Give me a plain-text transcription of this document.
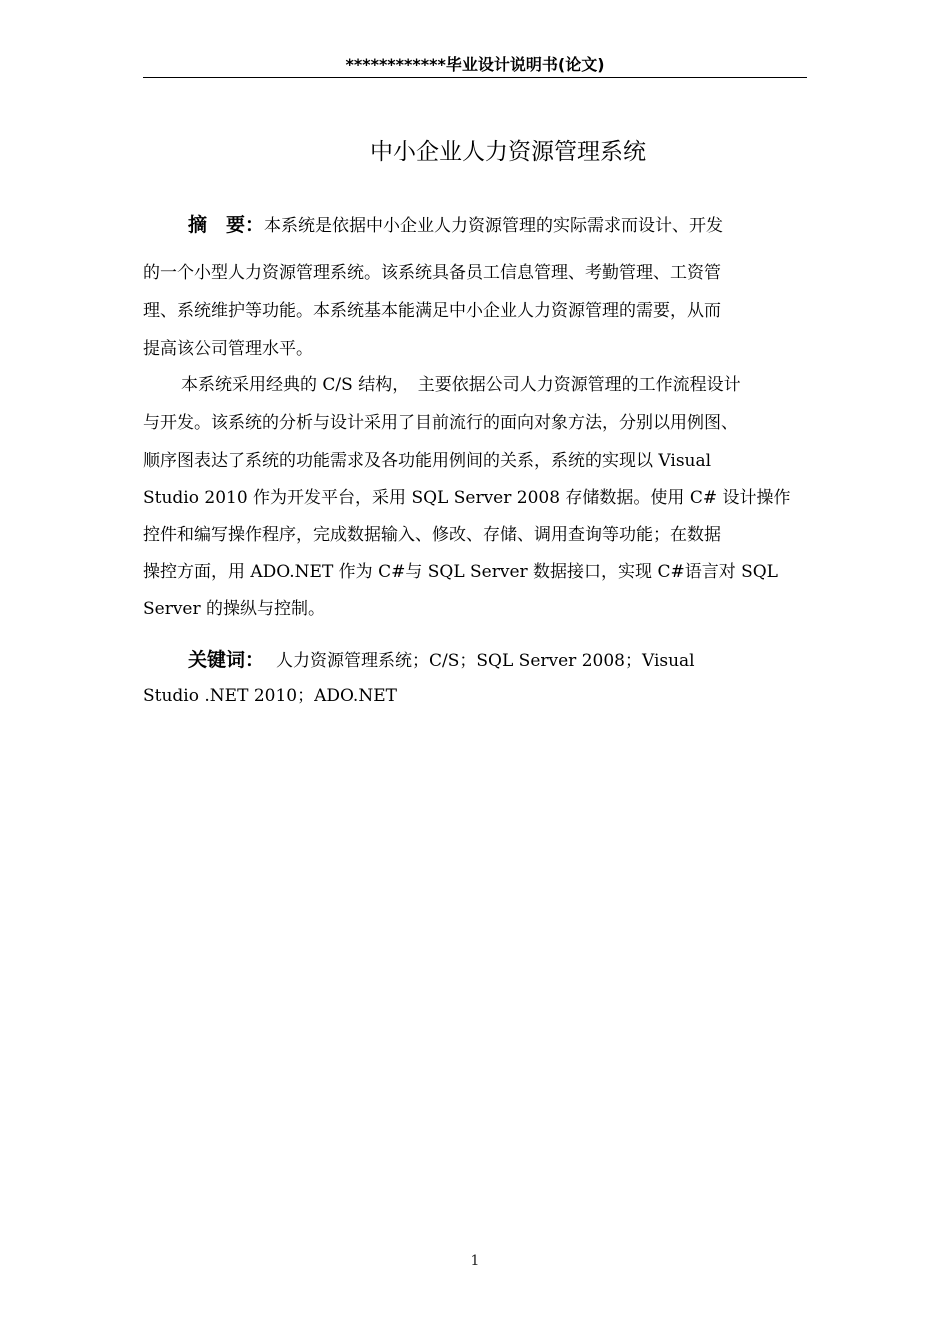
************毕业设计说明书(论文)
中小企业人力资源管理系统
摘　要：本系统是依据中小企业人力资源管理的实际需求而设计、开发
的一个小型人力资源管理系统。该系统具备员工信息管理、考勤管理、工资管
理、系统维护等功能。本系统基本能满足中小企业人力资源管理的需要，从而
提高该公司管理水平。
本系统采用经典的 C/S 结构，　主要依据公司人力资源管理的工作流程设计
与开发。该系统的分析与设计采用了目前流行的面向对象方法，分别以用例图、
顺序图表达了系统的功能需求及各功能用例间的关系，系统的实现以 Visual
Studio 2010 作为开发平台，采用 SQL Server 2008 存储数据。使用 C# 设计操作
控件和编写操作程序，完成数据输入、修改、存储、调用查询等功能；在数据
操控方面，用 ADO.NET 作为 C#与 SQL Server 数据接口，实现 C#语言对 SQL
Server 的操纵与控制。
关键词： 人力资源管理系统；C/S；SQL Server 2008；Visual
Studio .NET 2010；ADO.NET
1
